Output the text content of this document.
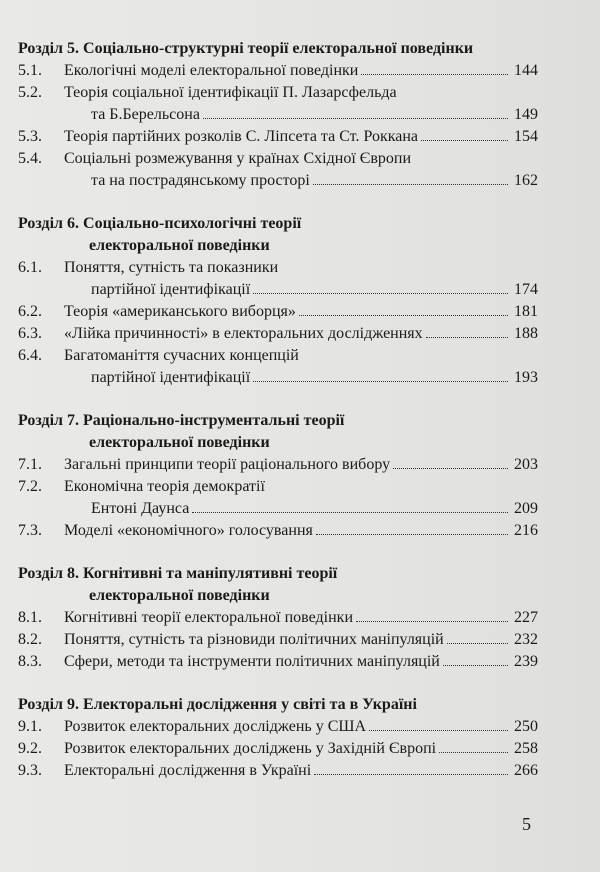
Розділ 5. Соціально-структурні теорії електоральної поведінки
5.1. Екологічні моделі електоральної поведінки	144
5.2. Теорія соціальної ідентифікації П. Лазарсфельда
та Б.Берельсона	149
5.3. Теорія партійних розколів С. Ліпсета та Ст. Роккана	154
5.4. Соціальні розмежування у країнах Східної Європи
та на пострадянському просторі	162
Розділ 6. Соціально-психологічні теорії
електоральної поведінки
6.1. Поняття, сутність та показники
партійної ідентифікації	174
6.2. Теорія «американського виборця»	181
6.3. «Лійка причинності» в електоральних дослідженнях	188
6.4. Багатоманіття сучасних концепцій
партійної ідентифікації	193
Розділ 7. Раціонально-інструментальні теорії
електоральної поведінки
7.1. Загальні принципи теорії раціонального вибору	203
7.2. Економічна теорія демократії
Ентоні Даунса	209
7.3. Моделі «економічного» голосування	216
Розділ 8. Когнітивні та маніпулятивні теорії
електоральної поведінки
8.1. Когнітивні теорії електоральної поведінки	227
8.2. Поняття, сутність та різновиди політичних маніпуляцій	232
8.3. Сфери, методи та інструменти політичних маніпуляцій	239
Розділ 9. Електоральні дослідження у світі та в Україні
9.1. Розвиток електоральних досліджень у США	250
9.2. Розвиток електоральних досліджень у Західній Європі	258
9.3. Електоральні дослідження в Україні	266
5
